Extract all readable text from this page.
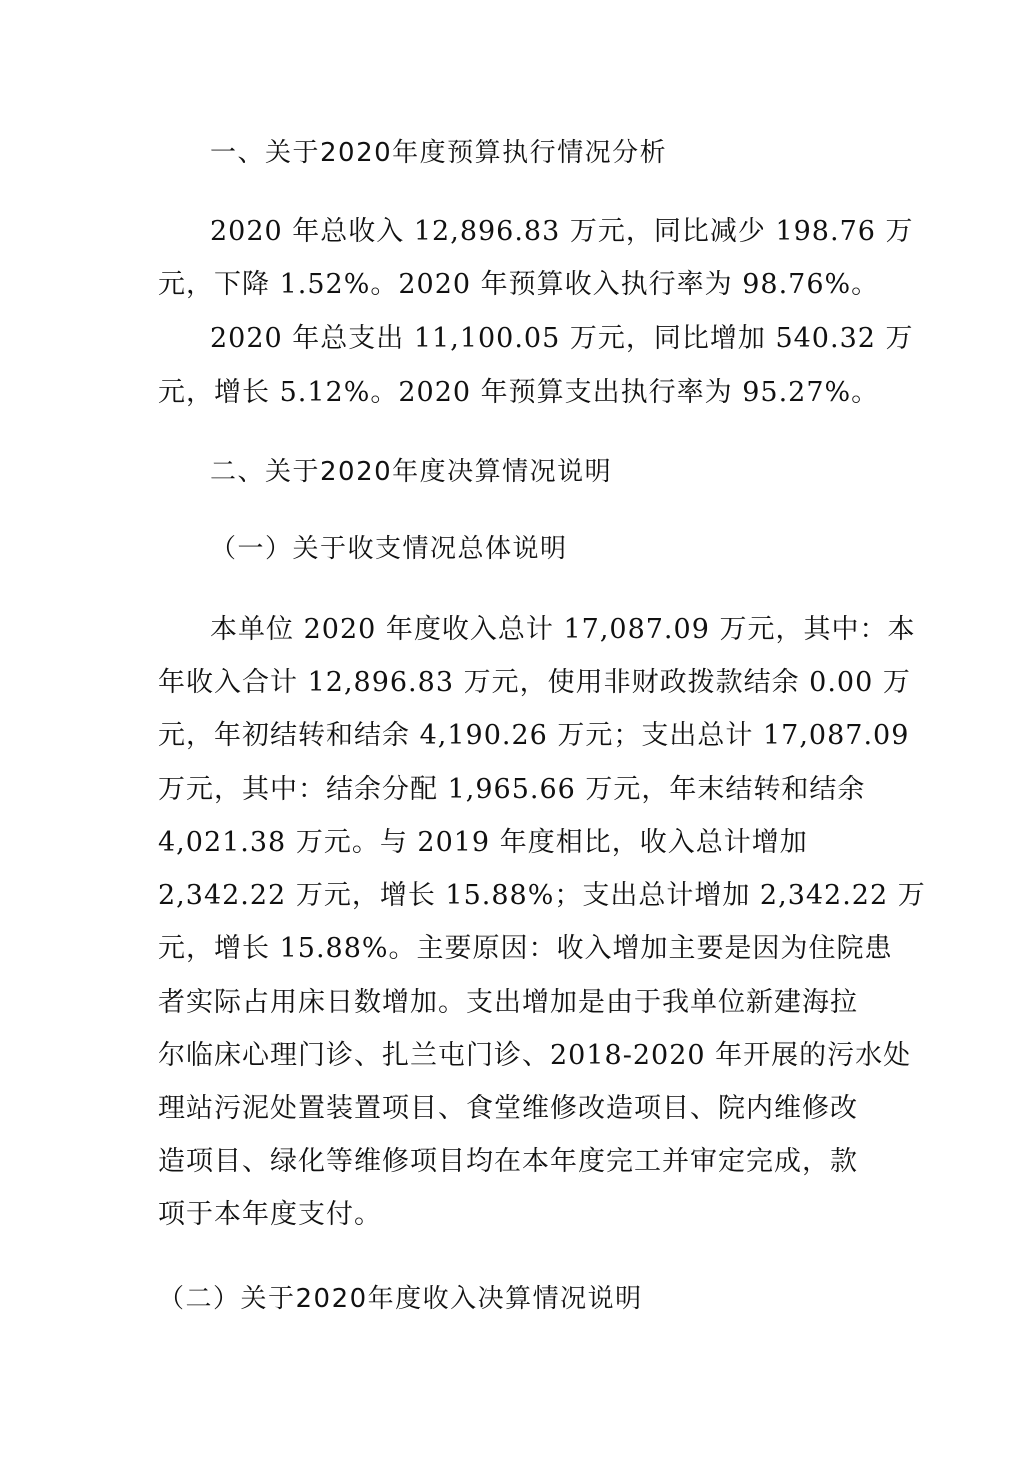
一、关于2020年度预算执行情况分析
2020 年总收入 12,896.83 万元，同比减少 198.76 万
元，下降 1.52%。2020 年预算收入执行率为 98.76%。
2020 年总支出 11,100.05 万元，同比增加 540.32 万
元，增长 5.12%。2020 年预算支出执行率为 95.27%。
二、关于2020年度决算情况说明
（一）关于收支情况总体说明
本单位 2020 年度收入总计 17,087.09 万元，其中：本
年收入合计 12,896.83 万元，使用非财政拨款结余 0.00 万
元，年初结转和结余 4,190.26 万元；支出总计 17,087.09
万元，其中：结余分配 1,965.66 万元，年末结转和结余
4,021.38 万元。与 2019 年度相比，收入总计增加
2,342.22 万元，增长 15.88%；支出总计增加 2,342.22 万
元，增长 15.88%。主要原因：收入增加主要是因为住院患
者实际占用床日数增加。支出增加是由于我单位新建海拉
尔临床心理门诊、扎兰屯门诊、2018-2020 年开展的污水处
理站污泥处置装置项目、食堂维修改造项目、院内维修改
造项目、绿化等维修项目均在本年度完工并审定完成，款
项于本年度支付。
（二）关于2020年度收入决算情况说明
